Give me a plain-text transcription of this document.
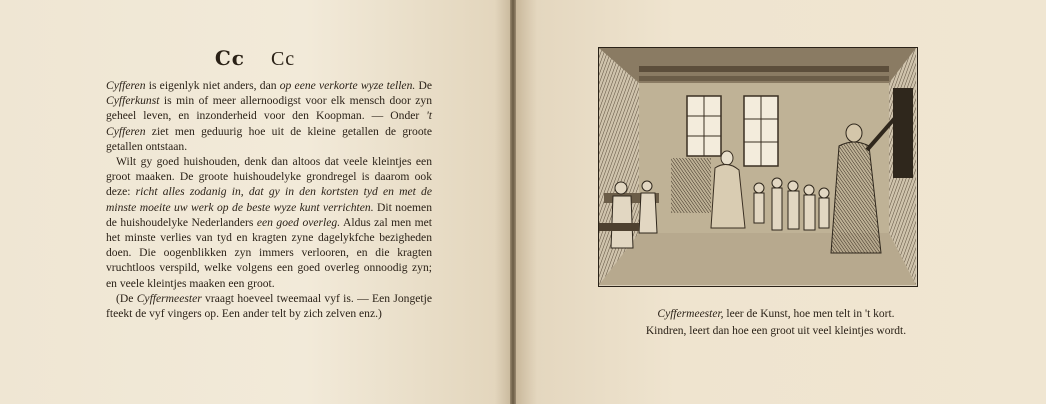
Cc Cc

Cyfferen is eigenlyk niet anders, dan op eene verkorte wyze tellen. De Cyfferkunst is min of meer allernoodigst voor elk mensch door zyn geheel leven, en inzonderheid voor den Koopman. — Onder 't Cyfferen ziet men geduurig hoe uit de kleine getallen de groote getallen ontstaan.

Wilt gy goed huishouden, denk dan altoos dat veele kleintjes een groot maaken. De groote huishoudelyke grondregel is daarom ook deze: richt alles zodanig in, dat gy in den kortsten tyd en met de minste moeite uw werk op de beste wyze kunt verrichten. Dit noemen de huishoudelyke Nederlanders een goed overleg. Aldus zal men met het minste verlies van tyd en kragten zyne dagelykfche bezigheden doen. Die oogenblikken zyn immers verlooren, en die kragten vruchtloos verspild, welke volgens een goed overleg onnoodig zyn; en veele kleintjes maaken een groot.

(De Cyffermeester vraagt hoeveel tweemaal vyf is. — Een Jongetje fteekt de vyf vingers op. Een ander telt by zich zelven enz.)	Cyffermeester, leer de Kunst, hoe men telt in 't kort.
Kindren, leert dan hoe een groot uit veel kleintjes wordt.
